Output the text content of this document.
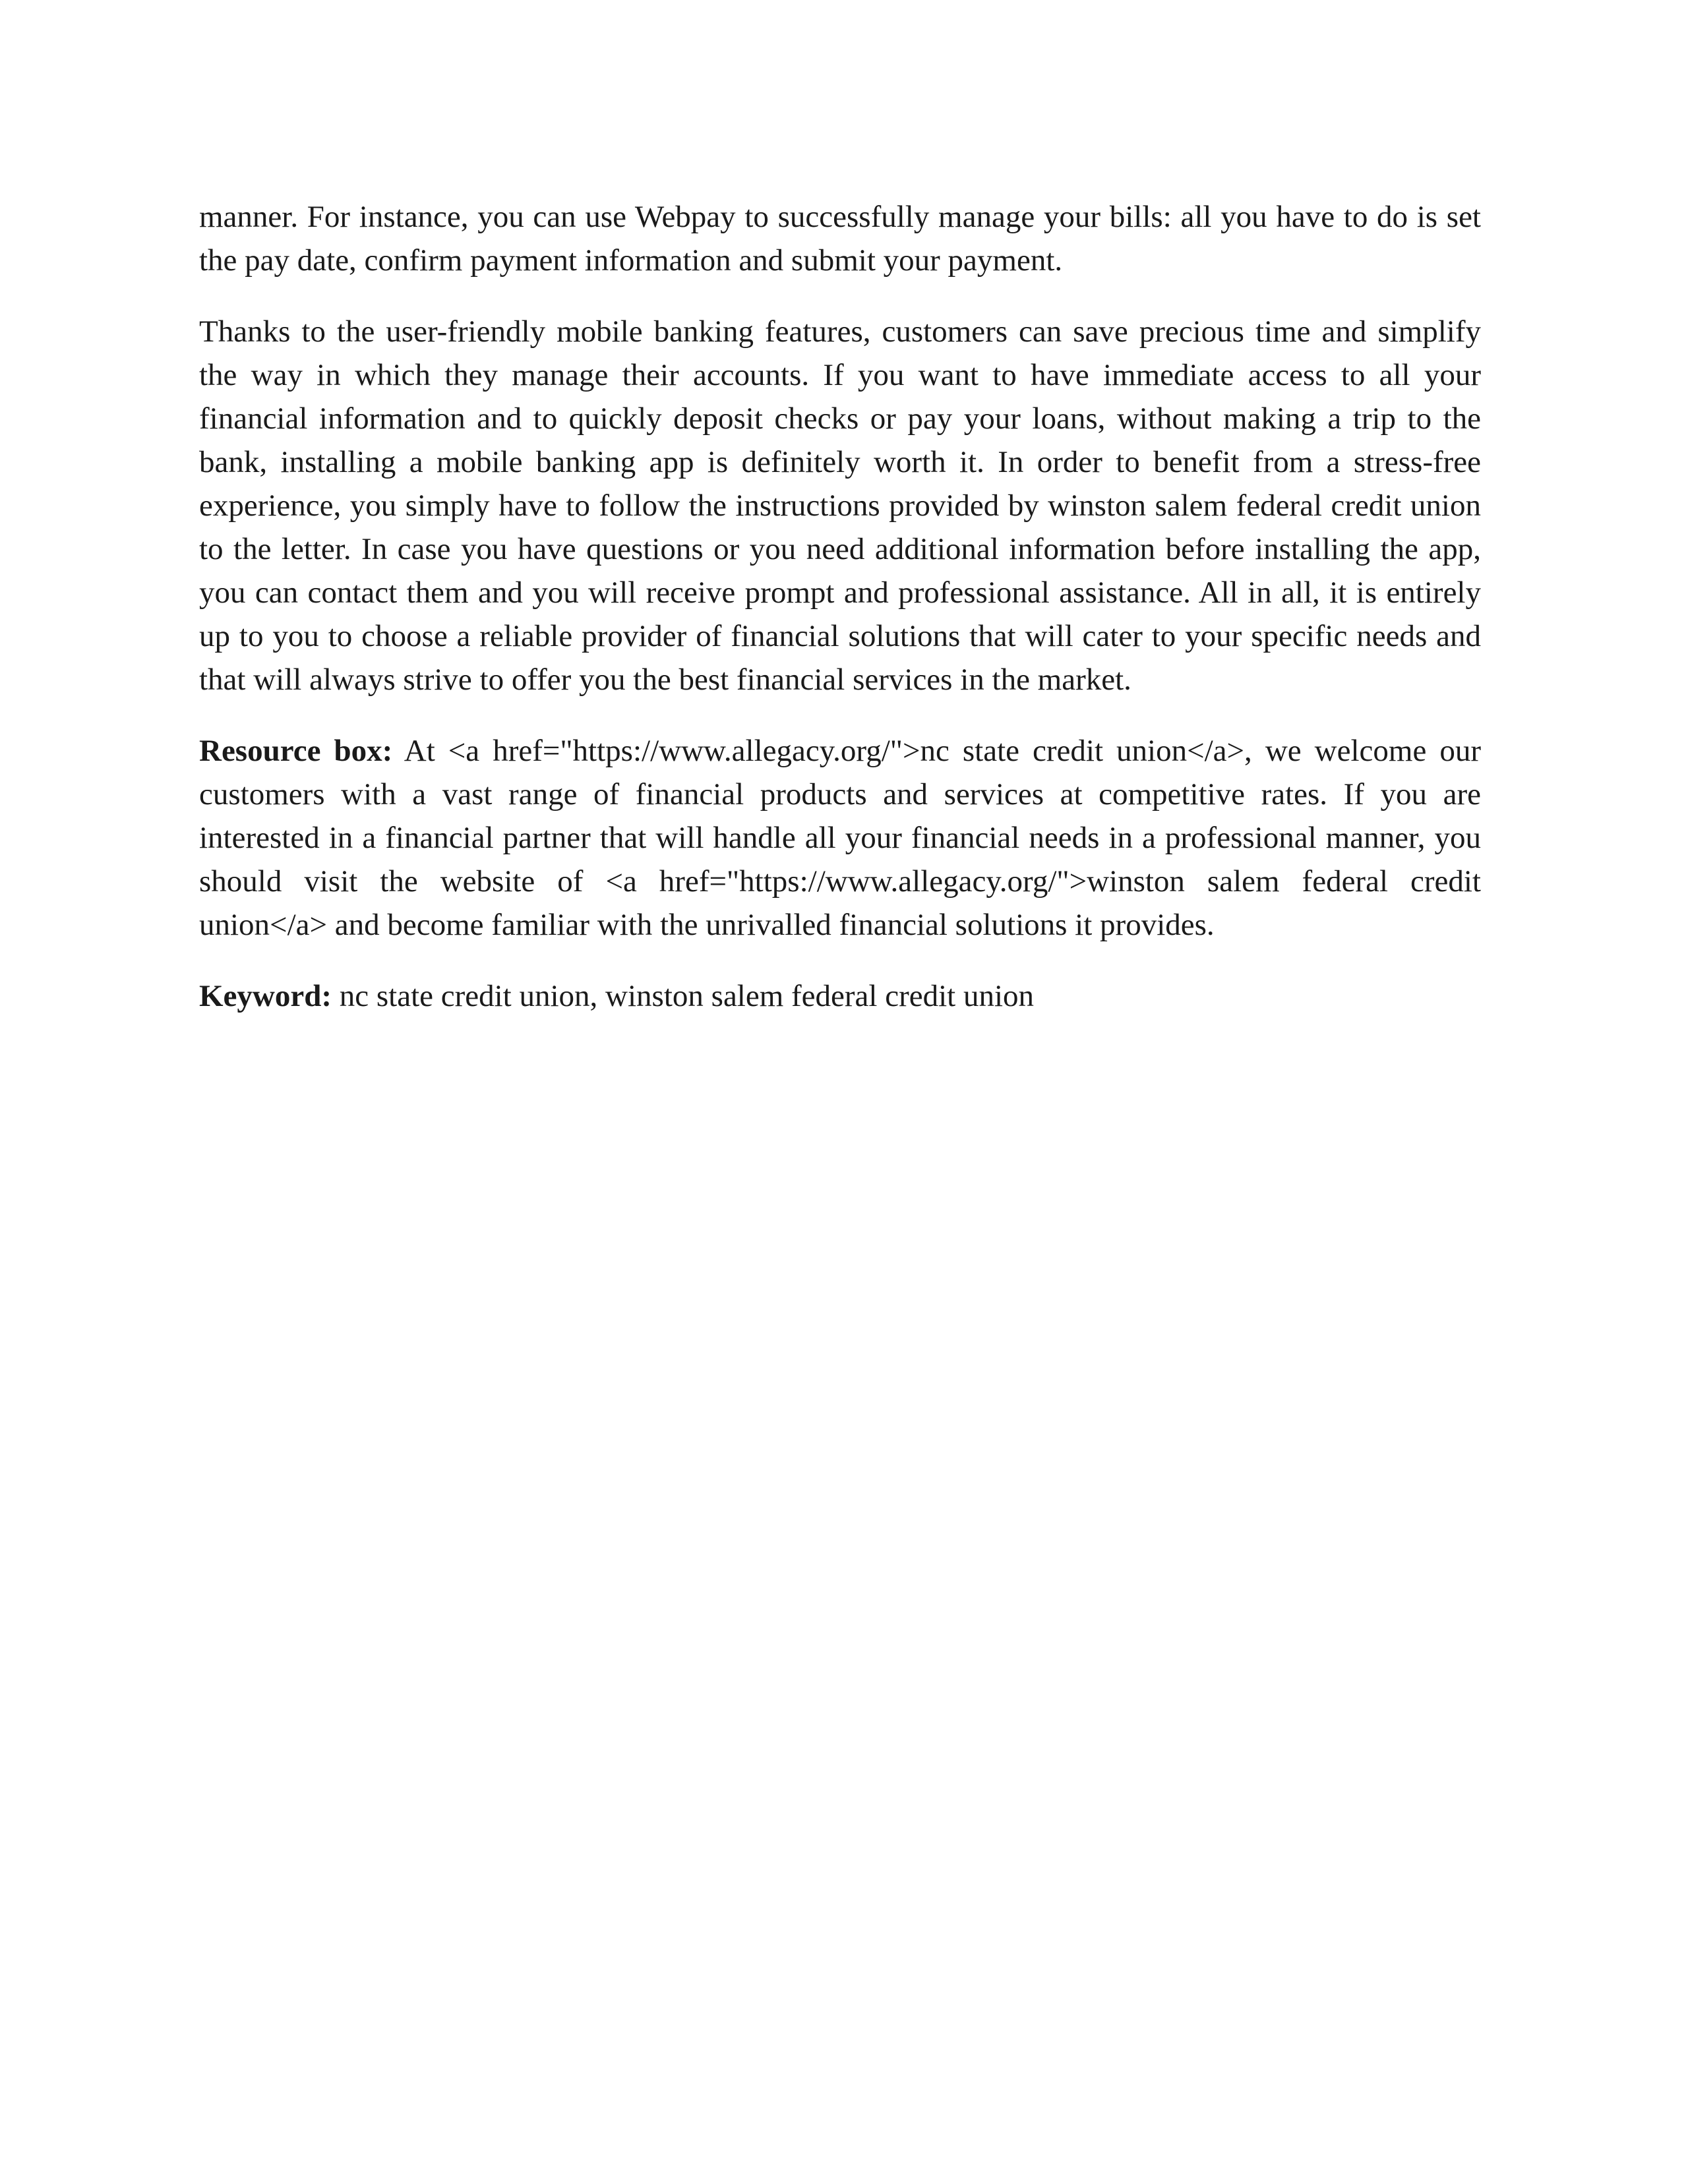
manner. For instance, you can use Webpay to successfully manage your bills: all you have to do is set the pay date, confirm payment information and submit your payment.

Thanks to the user-friendly mobile banking features, customers can save precious time and simplify the way in which they manage their accounts. If you want to have immediate access to all your financial information and to quickly deposit checks or pay your loans, without making a trip to the bank, installing a mobile banking app is definitely worth it. In order to benefit from a stress-free experience, you simply have to follow the instructions provided by winston salem federal credit union to the letter. In case you have questions or you need additional information before installing the app, you can contact them and you will receive prompt and professional assistance. All in all, it is entirely up to you to choose a reliable provider of financial solutions that will cater to your specific needs and that will always strive to offer you the best financial services in the market.

Resource box: At <a href="https://www.allegacy.org/">nc state credit union</a>, we welcome our customers with a vast range of financial products and services at competitive rates. If you are interested in a financial partner that will handle all your financial needs in a professional manner, you should visit the website of <a href="https://www.allegacy.org/">winston salem federal credit union</a> and become familiar with the unrivalled financial solutions it provides.

Keyword: nc state credit union, winston salem federal credit union
